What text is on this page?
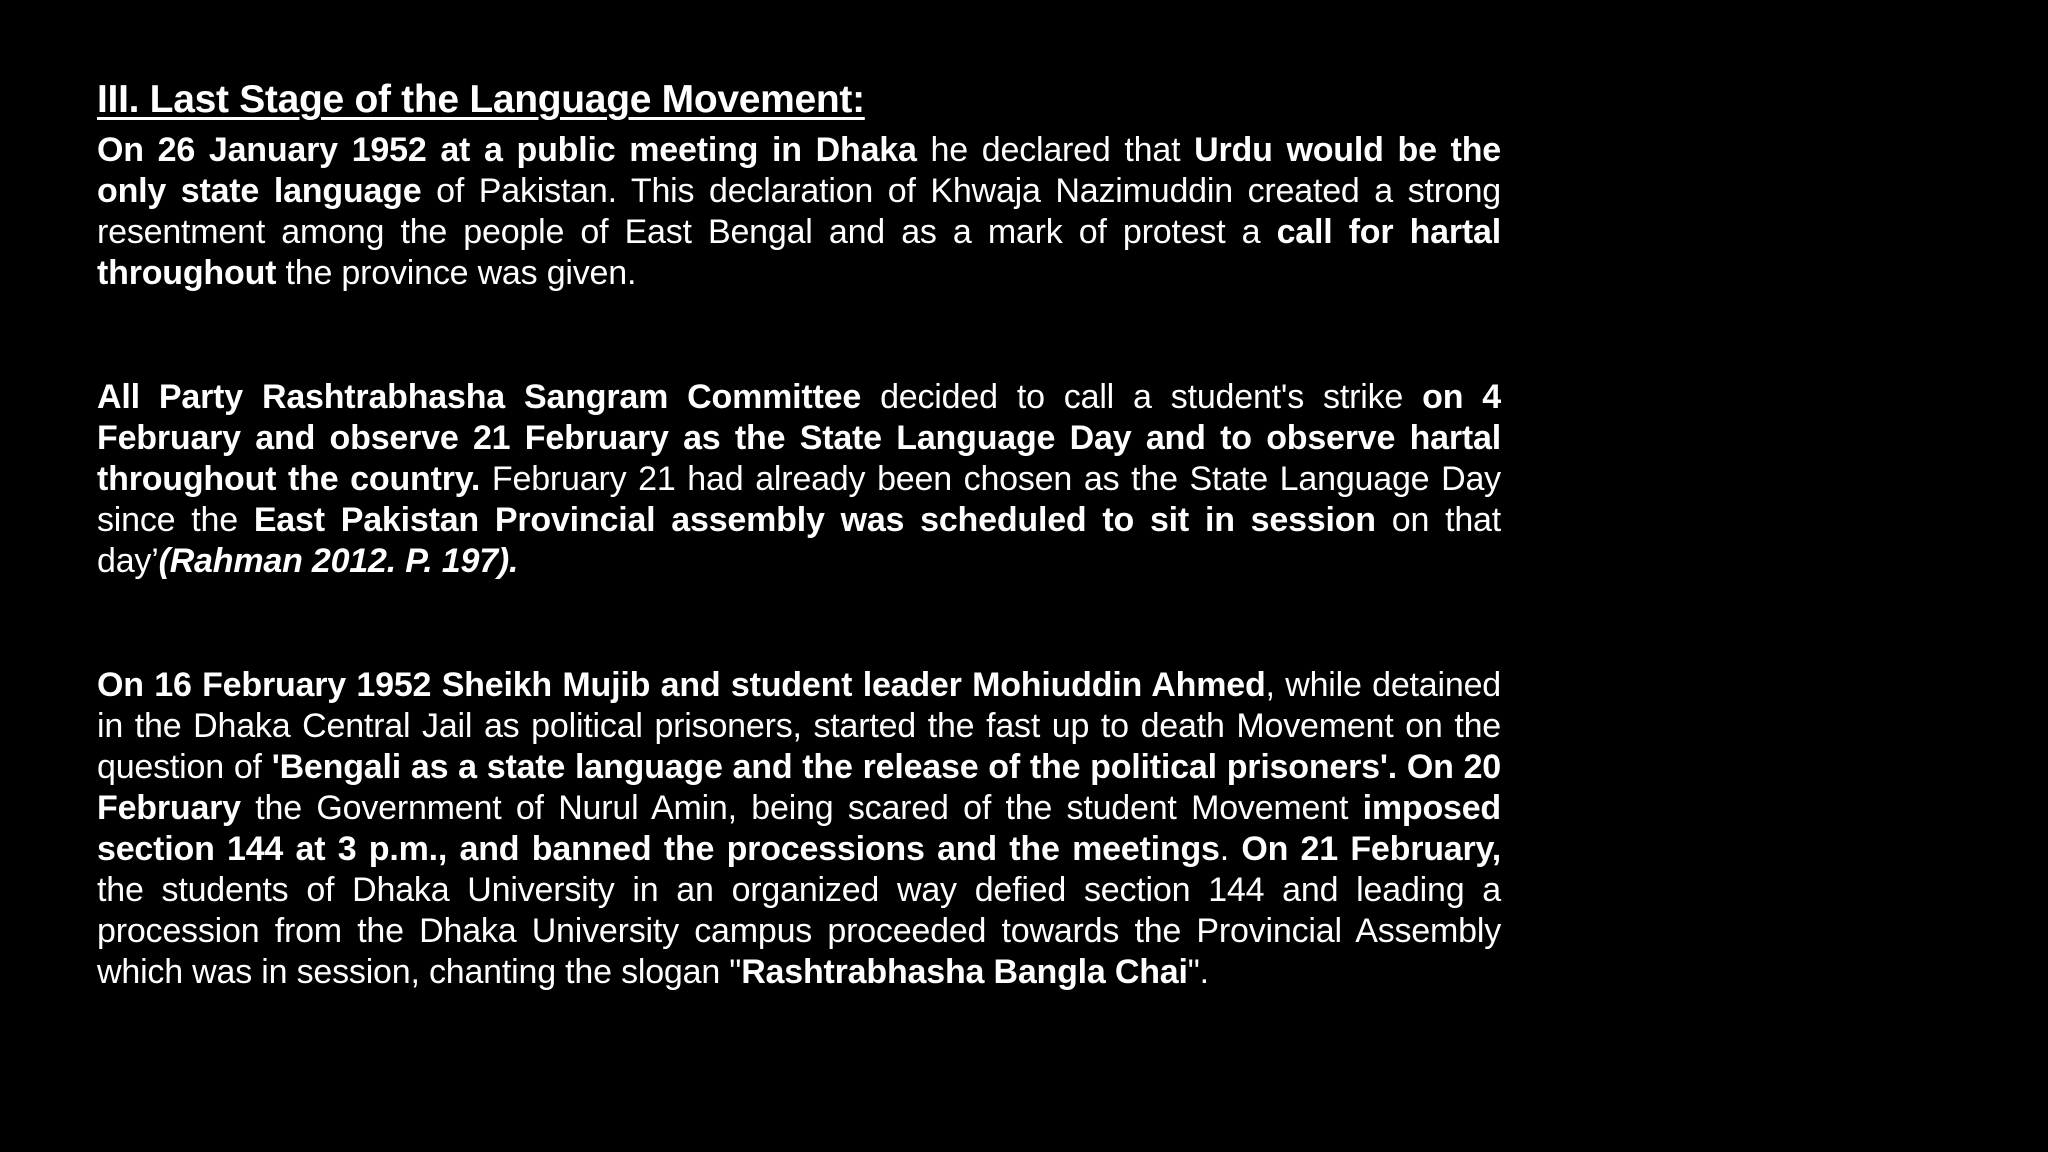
III. Last Stage of the Language Movement:

On 26 January 1952 at a public meeting in Dhaka he declared that Urdu would be the only state language of Pakistan. This declaration of Khwaja Nazimuddin created a strong resentment among the people of East Bengal and as a mark of protest a call for hartal throughout the province was given.

All Party Rashtrabhasha Sangram Committee decided to call a student's strike on 4 February and observe 21 February as the State Language Day and to observe hartal throughout the country. February 21 had already been chosen as the State Language Day since the East Pakistan Provincial assembly was scheduled to sit in session on that day’(Rahman 2012. P. 197).

On 16 February 1952 Sheikh Mujib and student leader Mohiuddin Ahmed, while detained in the Dhaka Central Jail as political prisoners, started the fast up to death Movement on the question of 'Bengali as a state language and the release of the political prisoners'. On 20 February the Government of Nurul Amin, being scared of the student Movement imposed section 144 at 3 p.m., and banned the processions and the meetings. On 21 February, the students of Dhaka University in an organized way defied section 144 and leading a procession from the Dhaka University campus proceeded towards the Provincial Assembly which was in session, chanting the slogan "Rashtrabhasha Bangla Chai".
